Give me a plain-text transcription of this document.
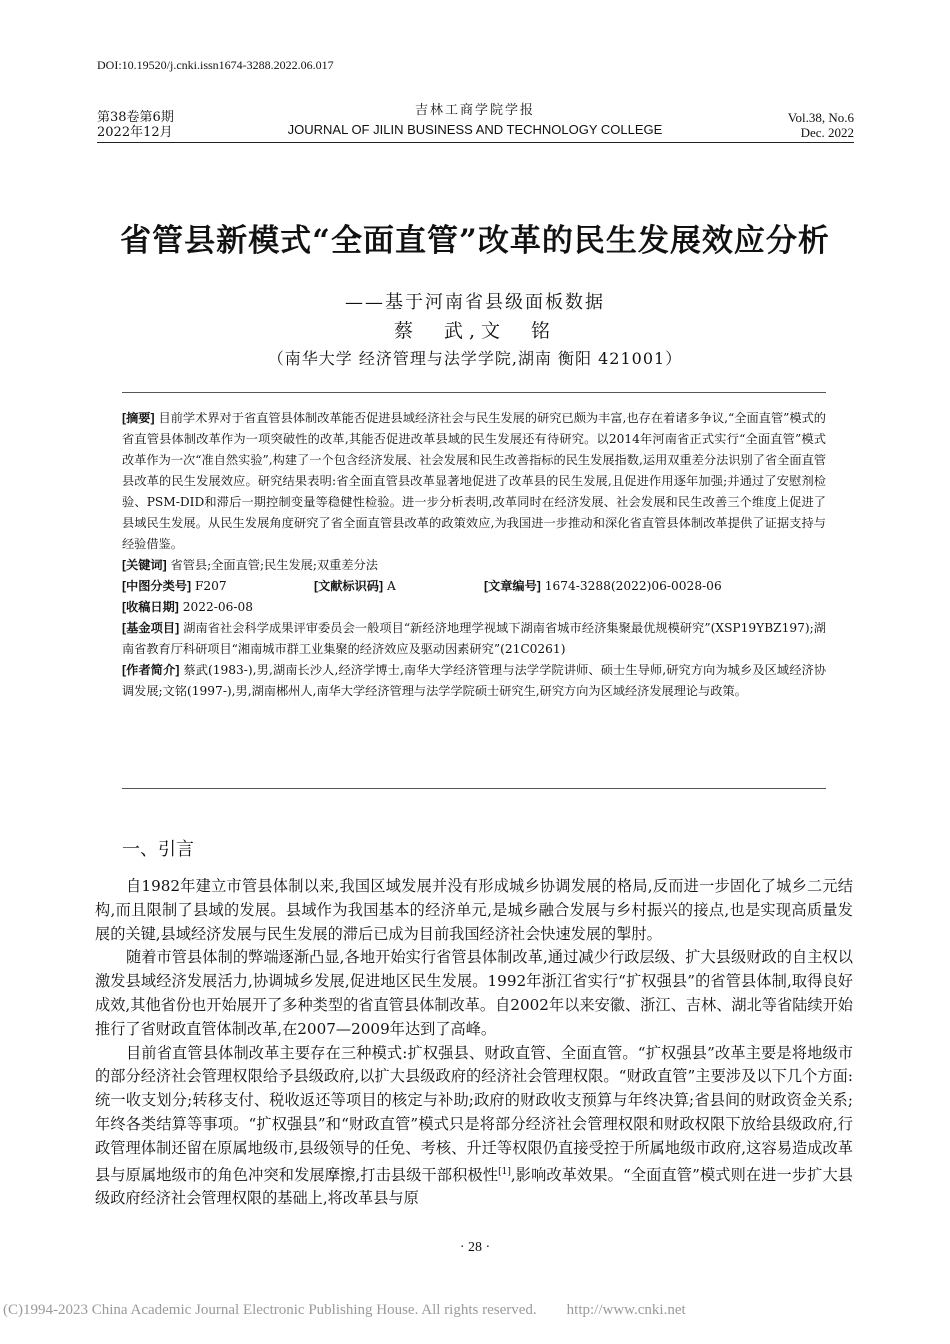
DOI:10.19520/j.cnki.issn1674-3288.2022.06.017
第38卷第6期
2022年12月
吉林工商学院学报
JOURNAL OF JILIN BUSINESS AND TECHNOLOGY COLLEGE
Vol.38, No.6
Dec. 2022
省管县新模式“全面直管”改革的民生发展效应分析
——基于河南省县级面板数据
蔡　武,文　铭
（南华大学 经济管理与法学学院,湖南 衡阳 421001）

[摘要] 目前学术界对于省直管县体制改革能否促进县域经济社会与民生发展的研究已颇为丰富,也存在着诸多争议,“全面直管”模式的省直管县体制改革作为一项突破性的改革,其能否促进改革县域的民生发展还有待研究。以2014年河南省正式实行“全面直管”模式改革作为一次“准自然实验”,构建了一个包含经济发展、社会发展和民生改善指标的民生发展指数,运用双重差分法识别了省全面直管县改革的民生发展效应。研究结果表明:省全面直管县改革显著地促进了改革县的民生发展,且促进作用逐年加强;并通过了安慰剂检验、PSM-DID和滞后一期控制变量等稳健性检验。进一步分析表明,改革同时在经济发展、社会发展和民生改善三个维度上促进了县域民生发展。从民生发展角度研究了省全面直管县改革的政策效应,为我国进一步推动和深化省直管县体制改革提供了证据支持与经验借鉴。

[关键词] 省管县;全面直管;民生发展;双重差分法

[中图分类号] F207	[文献标识码] A	[文章编号] 1674-3288(2022)06-0028-06

[收稿日期] 2022-06-08

[基金项目] 湖南省社会科学成果评审委员会一般项目“新经济地理学视域下湖南省城市经济集聚最优规模研究”(XSP19YBZ197);湖南省教育厅科研项目“湘南城市群工业集聚的经济效应及驱动因素研究”(21C0261)

[作者简介] 蔡武(1983-),男,湖南长沙人,经济学博士,南华大学经济管理与法学学院讲师、硕士生导师,研究方向为城乡及区域经济协调发展;文铭(1997-),男,湖南郴州人,南华大学经济管理与法学学院硕士研究生,研究方向为区域经济发展理论与政策。

一、引言

自1982年建立市管县体制以来,我国区域发展并没有形成城乡协调发展的格局,反而进一步固化了城乡二元结构,而且限制了县域的发展。县域作为我国基本的经济单元,是城乡融合发展与乡村振兴的接点,也是实现高质量发展的关键,县域经济发展与民生发展的滞后已成为目前我国经济社会快速发展的掣肘。

随着市管县体制的弊端逐渐凸显,各地开始实行省管县体制改革,通过减少行政层级、扩大县级财政的自主权以激发县域经济发展活力,协调城乡发展,促进地区民生发展。1992年浙江省实行“扩权强县”的省管县体制,取得良好成效,其他省份也开始展开了多种类型的省直管县体制改革。自2002年以来安徽、浙江、吉林、湖北等省陆续开始推行了省财政直管体制改革,在2007—2009年达到了高峰。

目前省直管县体制改革主要存在三种模式:扩权强县、财政直管、全面直管。“扩权强县”改革主要是将地级市的部分经济社会管理权限给予县级政府,以扩大县级政府的经济社会管理权限。“财政直管”主要涉及以下几个方面:统一收支划分;转移支付、税收返还等项目的核定与补助;政府的财政收支预算与年终决算;省县间的财政资金关系;年终各类结算等事项。“扩权强县”和“财政直管”模式只是将部分经济社会管理权限和财政权限下放给县级政府,行政管理体制还留在原属地级市,县级领导的任免、考核、升迁等权限仍直接受控于所属地级市政府,这容易造成改革县与原属地级市的角色冲突和发展摩擦,打击县级干部积极性[1],影响改革效果。“全面直管”模式则在进一步扩大县级政府经济社会管理权限的基础上,将改革县与原

· 28 ·
(C)1994-2023 China Academic Journal Electronic Publishing House. All rights reserved.　　http://www.cnki.net
